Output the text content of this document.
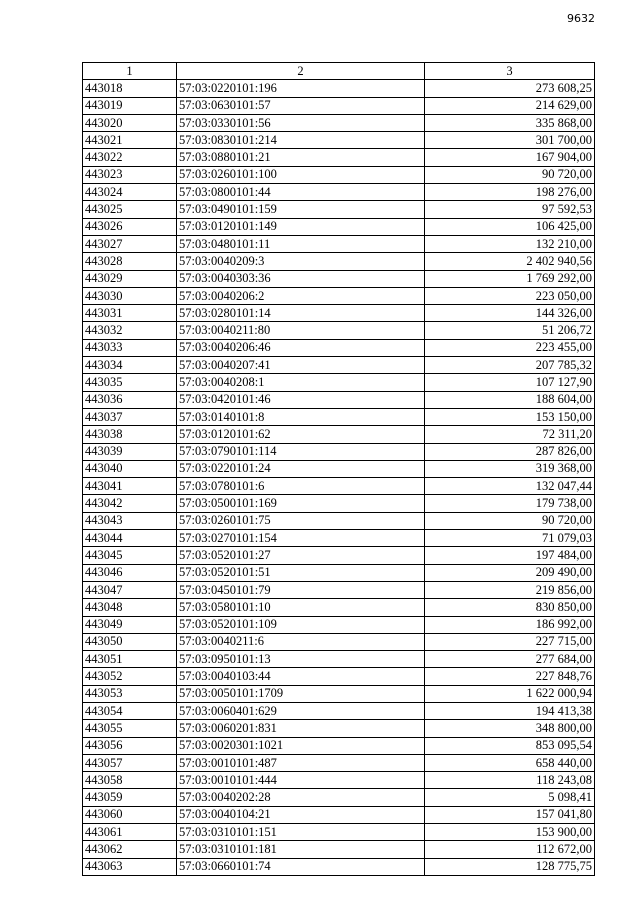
9632
1	2	3
443018	57:03:0220101:196	273 608,25
443019	57:03:0630101:57	214 629,00
443020	57:03:0330101:56	335 868,00
443021	57:03:0830101:214	301 700,00
443022	57:03:0880101:21	167 904,00
443023	57:03:0260101:100	90 720,00
443024	57:03:0800101:44	198 276,00
443025	57:03:0490101:159	97 592,53
443026	57:03:0120101:149	106 425,00
443027	57:03:0480101:11	132 210,00
443028	57:03:0040209:3	2 402 940,56
443029	57:03:0040303:36	1 769 292,00
443030	57:03:0040206:2	223 050,00
443031	57:03:0280101:14	144 326,00
443032	57:03:0040211:80	51 206,72
443033	57:03:0040206:46	223 455,00
443034	57:03:0040207:41	207 785,32
443035	57:03:0040208:1	107 127,90
443036	57:03:0420101:46	188 604,00
443037	57:03:0140101:8	153 150,00
443038	57:03:0120101:62	72 311,20
443039	57:03:0790101:114	287 826,00
443040	57:03:0220101:24	319 368,00
443041	57:03:0780101:6	132 047,44
443042	57:03:0500101:169	179 738,00
443043	57:03:0260101:75	90 720,00
443044	57:03:0270101:154	71 079,03
443045	57:03:0520101:27	197 484,00
443046	57:03:0520101:51	209 490,00
443047	57:03:0450101:79	219 856,00
443048	57:03:0580101:10	830 850,00
443049	57:03:0520101:109	186 992,00
443050	57:03:0040211:6	227 715,00
443051	57:03:0950101:13	277 684,00
443052	57:03:0040103:44	227 848,76
443053	57:03:0050101:1709	1 622 000,94
443054	57:03:0060401:629	194 413,38
443055	57:03:0060201:831	348 800,00
443056	57:03:0020301:1021	853 095,54
443057	57:03:0010101:487	658 440,00
443058	57:03:0010101:444	118 243,08
443059	57:03:0040202:28	5 098,41
443060	57:03:0040104:21	157 041,80
443061	57:03:0310101:151	153 900,00
443062	57:03:0310101:181	112 672,00
443063	57:03:0660101:74	128 775,75
